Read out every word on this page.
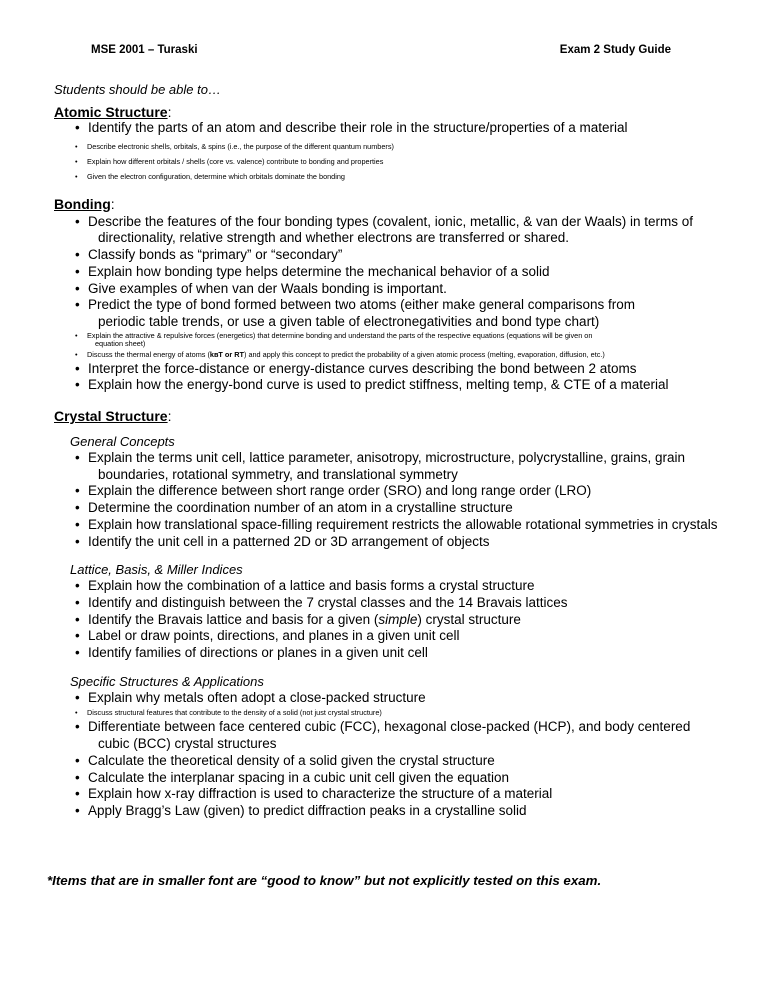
MSE 2001 – Turaski	Exam 2 Study Guide

Students should be able to…

Atomic Structure:

• Identify the parts of an atom and describe their role in the structure/properties of a material
• Describe electronic shells, orbitals, & spins (i.e., the purpose of the different quantum numbers)
• Explain how different orbitals / shells (core vs. valence) contribute to bonding and properties
• Given the electron configuration, determine which orbitals dominate the bonding

Bonding:

• Describe the features of the four bonding types (covalent, ionic, metallic, & van der Waals) in terms of
directionality, relative strength and whether electrons are transferred or shared.
• Classify bonds as “primary” or “secondary”
• Explain how bonding type helps determine the mechanical behavior of a solid
• Give examples of when van der Waals bonding is important.
• Predict the type of bond formed between two atoms (either make general comparisons from
periodic table trends, or use a given table of electronegativities and bond type chart)
• Explain the attractive & repulsive forces (energetics) that determine bonding and understand the parts of the respective equations (equations will be given on
equation sheet)
• Discuss the thermal energy of atoms (kʙT or RT) and apply this concept to predict the probability of a given atomic process (melting, evaporation, diffusion, etc.)
• Interpret the force-distance or energy-distance curves describing the bond between 2 atoms
• Explain how the energy-bond curve is used to predict stiffness, melting temp, & CTE of a material

Crystal Structure:

General Concepts

• Explain the terms unit cell, lattice parameter, anisotropy, microstructure, polycrystalline, grains, grain
boundaries, rotational symmetry, and translational symmetry
• Explain the difference between short range order (SRO) and long range order (LRO)
• Determine the coordination number of an atom in a crystalline structure
• Explain how translational space-filling requirement restricts the allowable rotational symmetries in crystals
• Identify the unit cell in a patterned 2D or 3D arrangement of objects

Lattice, Basis, & Miller Indices

• Explain how the combination of a lattice and basis forms a crystal structure
• Identify and distinguish between the 7 crystal classes and the 14 Bravais lattices
• Identify the Bravais lattice and basis for a given (simple) crystal structure
• Label or draw points, directions, and planes in a given unit cell
• Identify families of directions or planes in a given unit cell

Specific Structures & Applications

• Explain why metals often adopt a close-packed structure
• Discuss structural features that contribute to the density of a solid (not just crystal structure)
• Differentiate between face centered cubic (FCC), hexagonal close-packed (HCP), and body centered
cubic (BCC) crystal structures
• Calculate the theoretical density of a solid given the crystal structure
• Calculate the interplanar spacing in a cubic unit cell given the equation
• Explain how x-ray diffraction is used to characterize the structure of a material
• Apply Bragg’s Law (given) to predict diffraction peaks in a crystalline solid

*Items that are in smaller font are “good to know” but not explicitly tested on this exam.
